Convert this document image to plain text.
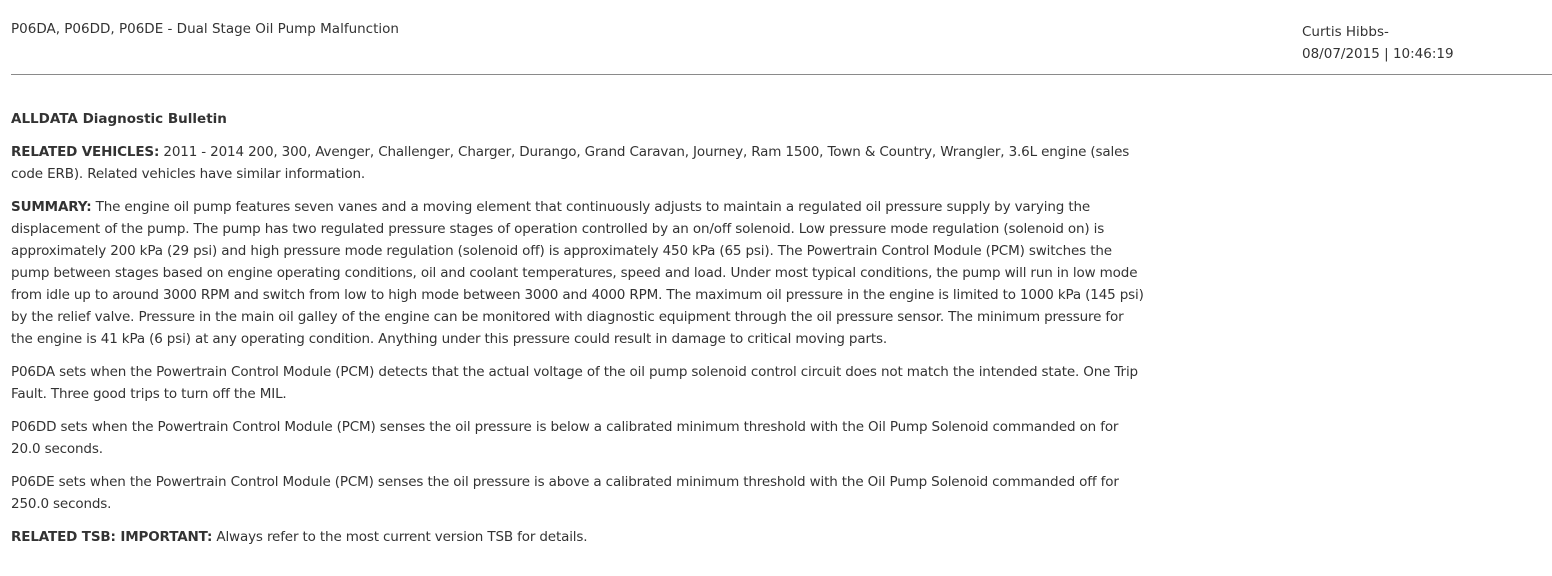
P06DA, P06DD, P06DE - Dual Stage Oil Pump Malfunction	Curtis Hibbs-
08/07/2015 | 10:46:19
ALLDATA Diagnostic Bulletin

RELATED VEHICLES: 2011 - 2014 200, 300, Avenger, Challenger, Charger, Durango, Grand Caravan, Journey, Ram 1500, Town & Country, Wrangler, 3.6L engine (sales code ERB). Related vehicles have similar information.

SUMMARY: The engine oil pump features seven vanes and a moving element that continuously adjusts to maintain a regulated oil pressure supply by varying the displacement of the pump. The pump has two regulated pressure stages of operation controlled by an on/off solenoid. Low pressure mode regulation (solenoid on) is approximately 200 kPa (29 psi) and high pressure mode regulation (solenoid off) is approximately 450 kPa (65 psi). The Powertrain Control Module (PCM) switches the pump between stages based on engine operating conditions, oil and coolant temperatures, speed and load. Under most typical conditions, the pump will run in low mode from idle up to around 3000 RPM and switch from low to high mode between 3000 and 4000 RPM. The maximum oil pressure in the engine is limited to 1000 kPa (145 psi) by the relief valve. Pressure in the main oil galley of the engine can be monitored with diagnostic equipment through the oil pressure sensor. The minimum pressure for the engine is 41 kPa (6 psi) at any operating condition. Anything under this pressure could result in damage to critical moving parts.

P06DA sets when the Powertrain Control Module (PCM) detects that the actual voltage of the oil pump solenoid control circuit does not match the intended state. One Trip Fault. Three good trips to turn off the MIL.

P06DD sets when the Powertrain Control Module (PCM) senses the oil pressure is below a calibrated minimum threshold with the Oil Pump Solenoid commanded on for 20.0 seconds.

P06DE sets when the Powertrain Control Module (PCM) senses the oil pressure is above a calibrated minimum threshold with the Oil Pump Solenoid commanded off for 250.0 seconds.

RELATED TSB: IMPORTANT: Always refer to the most current version TSB for details.
